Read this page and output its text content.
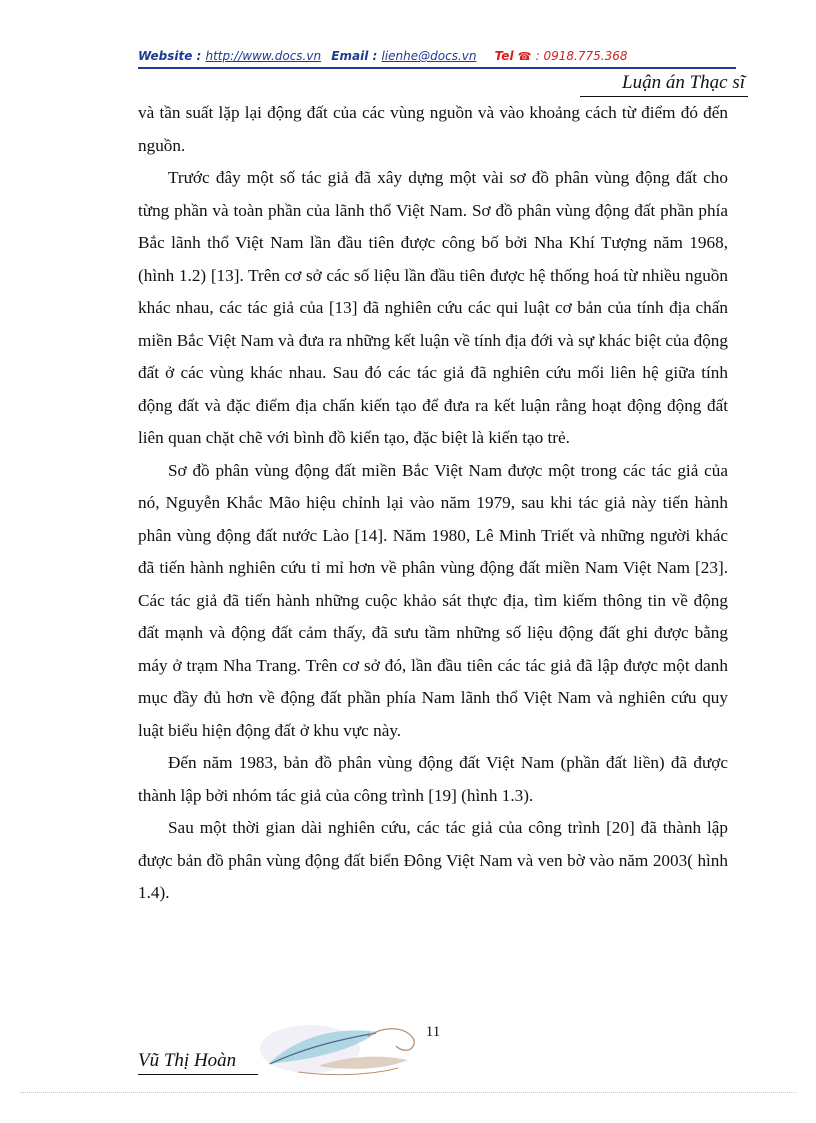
Website : http://www.docs.vn Email : lienhe@docs.vn Tel ☎ : 0918.775.368
Luận án Thạc sĩ

và tần suất lặp lại động đất của các vùng nguồn và vào khoảng cách từ điểm đó đến nguồn.

Trước đây một số tác giả đã xây dựng một vài sơ đồ phân vùng động đất cho từng phần và toàn phần của lãnh thổ Việt Nam. Sơ đồ phân vùng động đất phần phía Bắc lãnh thổ Việt Nam lần đầu tiên được công bố bởi Nha Khí Tượng năm 1968, (hình 1.2) [13]. Trên cơ sở các số liệu lần đầu tiên được hệ thống hoá từ nhiều nguồn khác nhau, các tác giả của [13] đã nghiên cứu các qui luật cơ bản của tính địa chấn miền Bắc Việt Nam và đưa ra những kết luận về tính địa đới và sự khác biệt của động đất ở các vùng khác nhau. Sau đó các tác giả đã nghiên cứu mối liên hệ giữa tính động đất và đặc điểm địa chấn kiến tạo để đưa ra kết luận rằng hoạt động động đất liên quan chặt chẽ với bình đồ kiến tạo, đặc biệt là kiến tạo trẻ.

Sơ đồ phân vùng động đất miền Bắc Việt Nam được một trong các tác giả của nó, Nguyễn Khắc Mão hiệu chỉnh lại vào năm 1979, sau khi tác giả này tiến hành phân vùng động đất nước Lào [14]. Năm 1980, Lê Minh Triết và những người khác đã tiến hành nghiên cứu tỉ mỉ hơn về phân vùng động đất miền Nam Việt Nam [23]. Các tác giả đã tiến hành những cuộc khảo sát thực địa, tìm kiếm thông tin về động đất mạnh và động đất cảm thấy, đã sưu tầm những số liệu động đất ghi được bằng máy ở trạm Nha Trang. Trên cơ sở đó, lần đầu tiên các tác giả đã lập được một danh mục đầy đủ hơn về động đất phần phía Nam lãnh thổ Việt Nam và nghiên cứu quy luật biểu hiện động đất ở khu vực này.

Đến năm 1983, bản đồ phân vùng động đất Việt Nam (phần đất liền) đã được thành lập bởi nhóm tác giả của công trình [19] (hình 1.3).

Sau một thời gian dài nghiên cứu, các tác giả của công trình [20] đã thành lập được bản đồ phân vùng động đất biển Đông Việt Nam và ven bờ vào năm 2003( hình 1.4).

11
Vũ Thị Hoàn
